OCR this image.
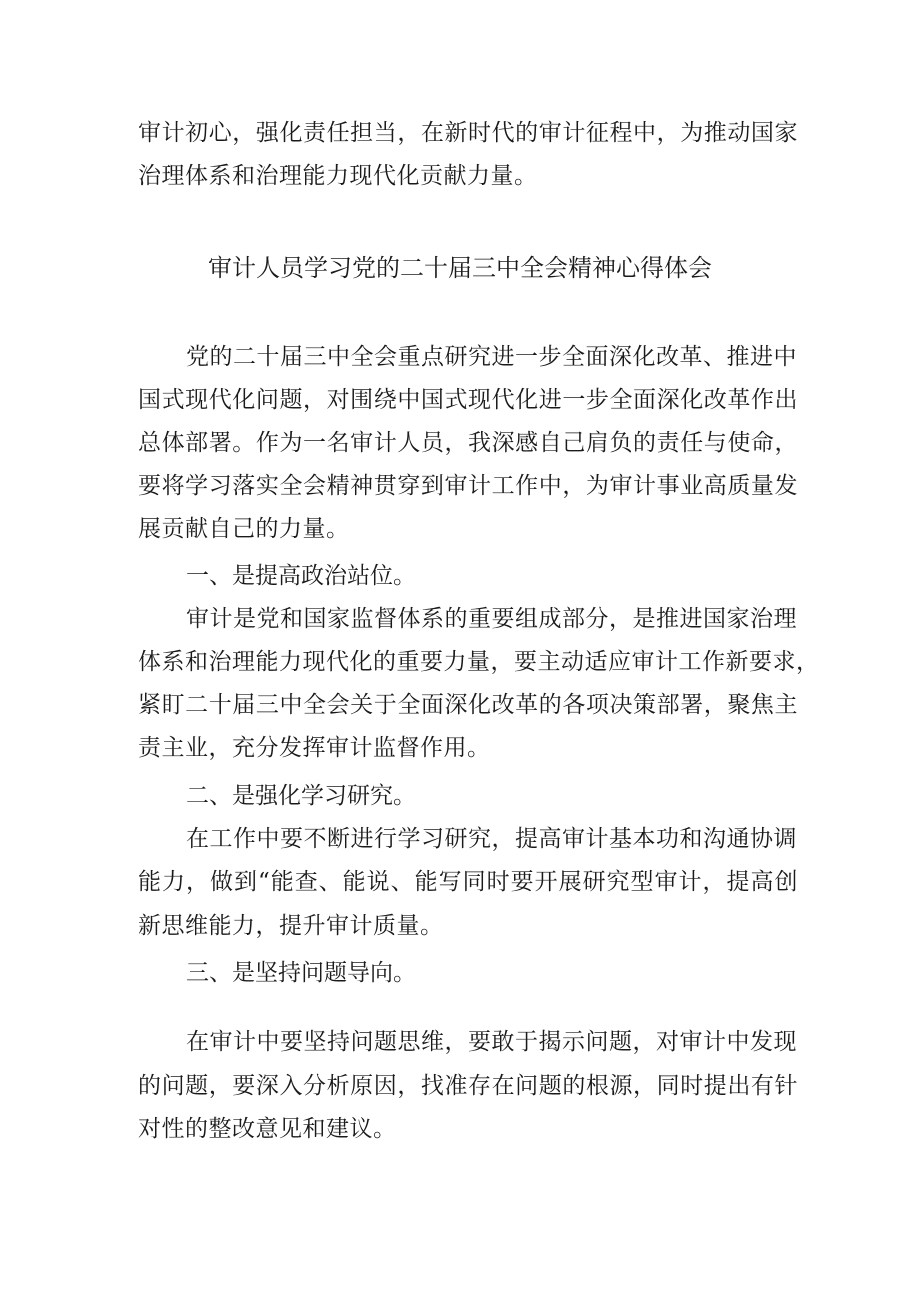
审计初心，强化责任担当，在新时代的审计征程中，为推动国家
治理体系和治理能力现代化贡献力量。
审计人员学习党的二十届三中全会精神心得体会
党的二十届三中全会重点研究进一步全面深化改革、推进中
国式现代化问题，对围绕中国式现代化进一步全面深化改革作出
总体部署。作为一名审计人员，我深感自己肩负的责任与使命，
要将学习落实全会精神贯穿到审计工作中，为审计事业高质量发
展贡献自己的力量。
一、是提高政治站位。
审计是党和国家监督体系的重要组成部分，是推进国家治理
体系和治理能力现代化的重要力量，要主动适应审计工作新要求，
紧盯二十届三中全会关于全面深化改革的各项决策部署，聚焦主
责主业，充分发挥审计监督作用。
二、是强化学习研究。
在工作中要不断进行学习研究，提高审计基本功和沟通协调
能力，做到“能查、能说、能写同时要开展研究型审计，提高创
新思维能力，提升审计质量。
三、是坚持问题导向。
在审计中要坚持问题思维，要敢于揭示问题，对审计中发现
的问题，要深入分析原因，找准存在问题的根源，同时提出有针
对性的整改意见和建议。
